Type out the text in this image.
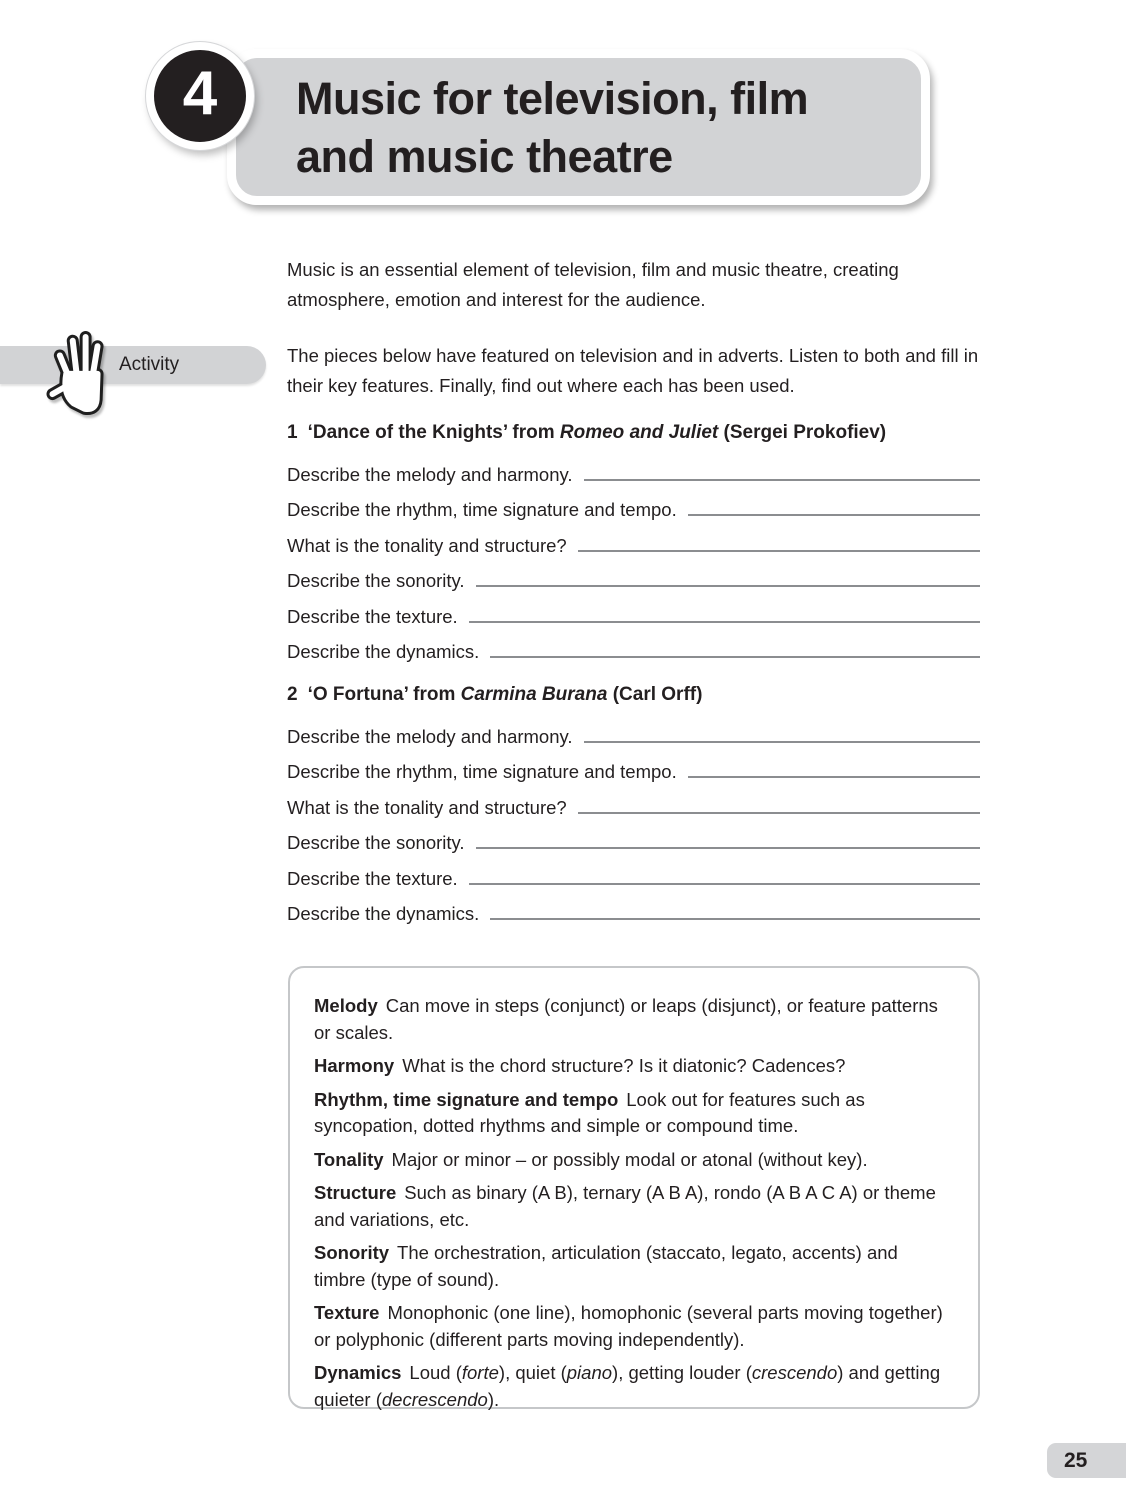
4 Music for television, film
and music theatre

Music is an essential element of television, film and music theatre, creating atmosphere, emotion and interest for the audience.

Activity	The pieces below have featured on television and in adverts. Listen to both and fill in their key features. Finally, find out where each has been used.

1 ‘Dance of the Knights’ from Romeo and Juliet (Sergei Prokofiev)
Describe the melody and harmony.
Describe the rhythm, time signature and tempo.
What is the tonality and structure?
Describe the sonority.
Describe the texture.
Describe the dynamics.
2 ‘O Fortuna’ from Carmina Burana (Carl Orff)
Describe the melody and harmony.
Describe the rhythm, time signature and tempo.
What is the tonality and structure?
Describe the sonority.
Describe the texture.
Describe the dynamics.

Melody Can move in steps (conjunct) or leaps (disjunct), or feature patterns or scales.

Harmony What is the chord structure? Is it diatonic? Cadences?

Rhythm, time signature and tempo Look out for features such as syncopation, dotted rhythms and simple or compound time.

Tonality Major or minor – or possibly modal or atonal (without key).

Structure Such as binary (A B), ternary (A B A), rondo (A B A C A) or theme and variations, etc.

Sonority The orchestration, articulation (staccato, legato, accents) and timbre (type of sound).

Texture Monophonic (one line), homophonic (several parts moving together) or polyphonic (different parts moving independently).

Dynamics Loud (forte), quiet (piano), getting louder (crescendo) and getting quieter (decrescendo).

25
